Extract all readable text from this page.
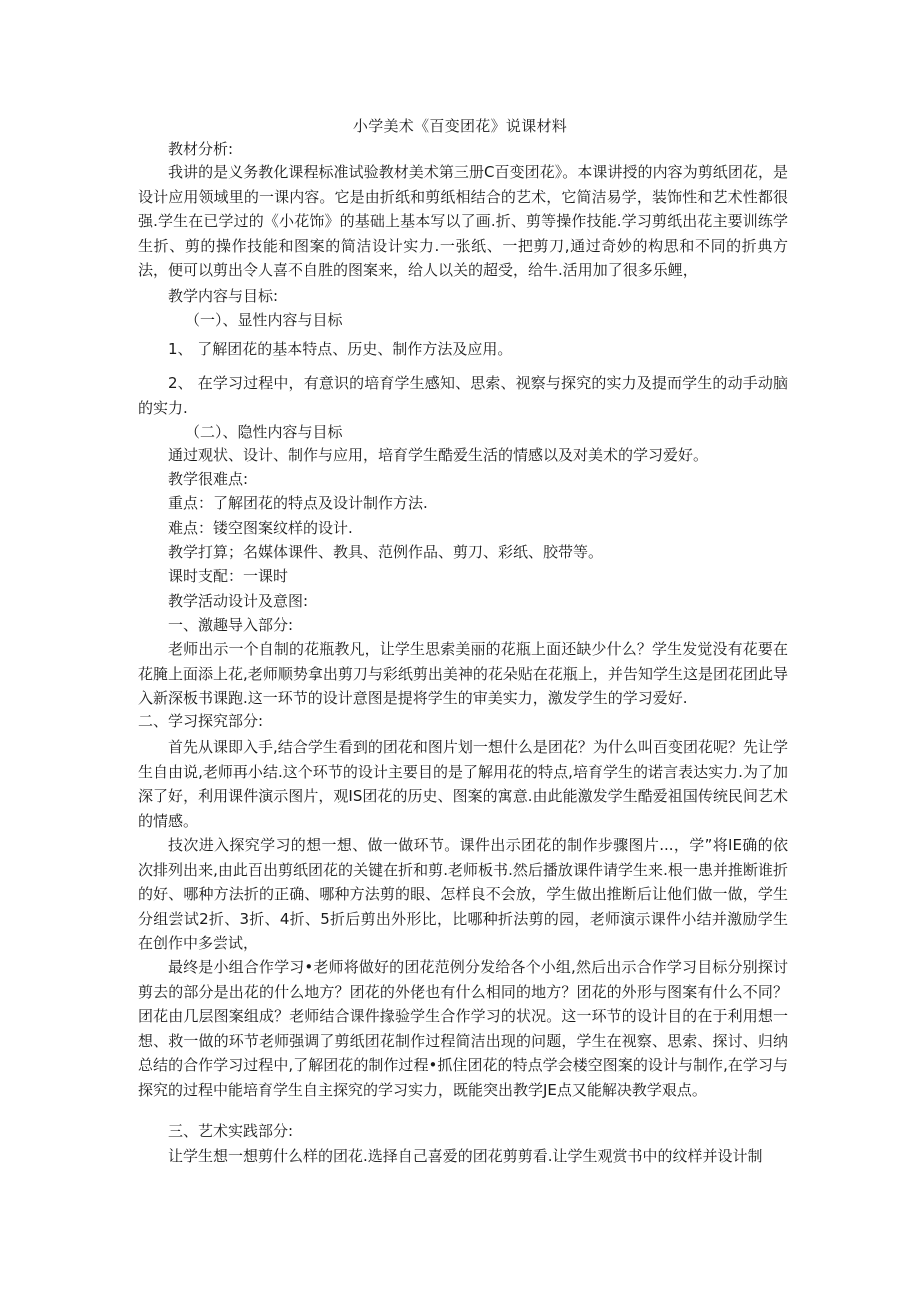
小学美术《百变团花》说课材料
教材分析:

我讲的是义务教化课程标准试验教材美术第三册C百变团花》。本课讲授的内容为剪纸团花，是设计应用领域里的一课内容。它是由折纸和剪纸相结合的艺术，它简洁易学，装饰性和艺术性都很强.学生在已学过的《小花饰》的基础上基本写以了画.折、剪等操作技能.学习剪纸出花主要训练学生折、剪的操作技能和图案的简洁设计实力.一张纸、一把剪刀,通过奇妙的构思和不同的折典方法，便可以剪出令人喜不自胜的图案来，给人以关的超受，给牛.活用加了很多乐鲤，

教学内容与目标:
（一）、显性内容与目标
1、 了解团花的基本特点、历史、制作方法及应用。

2、 在学习过程中，有意识的培育学生感知、思索、视察与探究的实力及提而学生的动手动脑的实力.

（二）、隐性内容与目标
通过观状、设计、制作与应用，培育学生酷爱生活的情感以及对美术的学习爱好。
教学很难点:
重点：了解团花的特点及设计制作方法.
难点：镂空图案纹样的设计.
教学打算；名媒体课件、教具、范例作品、剪刀、彩纸、胶带等。
课时支配：一课时
教学活动设计及意图:
一、激趣导入部分:

老师出示一个自制的花瓶教凡，让学生思索美丽的花瓶上面还缺少什么？学生发觉没有花要在花腌上面添上花,老师顺势拿出剪刀与彩纸剪出美神的花朵贴在花瓶上，并告知学生这是团花团此导入新深板书课跑.这一环节的设计意图是提将学生的审美实力，激发学生的学习爱好.

二、学习探究部分:

首先从课即入手,结合学生看到的团花和图片划一想什么是团花？为什么叫百变团花呢？先让学生自由说,老师再小结.这个环节的设计主要目的是了解用花的特点,培育学生的诺言表达实力.为了加深了好，利用课件演示图片，观IS团花的历史、图案的寓意.由此能激发学生酷爱祖国传统民间艺术的情感。

技次进入探究学习的想一想、做一做环节。课件出示团花的制作步骤图片...，学”将IE确的依次排列出来,由此百出剪纸团花的关键在折和剪.老师板书.然后播放课件请学生来.根一患并推断谁折的好、哪种方法折的正确、哪种方法剪的眼、怎样良不会放，学生做出推断后让他们做一做，学生分组尝试2折、3折、4折、5折后剪出外形比，比哪种折法剪的园，老师演示课件小结并激励学生在创作中多尝试，

最终是小组合作学习•老师将做好的团花范例分发给各个小组,然后出示合作学习目标分别探讨剪去的部分是出花的什么地方？团花的外佬也有什么相同的地方？团花的外形与图案有什么不同？团花由几层图案组成？老师结合课件掾验学生合作学习的状况。这一环节的设计目的在于利用想一想、救一做的环节老师强调了剪纸团花制作过程简洁出现的问题，学生在视察、思索、探讨、归纳总结的合作学习过程中,了解团花的制作过程•抓住团花的特点学会楼空图案的设计与制作,在学习与探究的过程中能培育学生自主探究的学习实力，既能突出教学JE点又能解决教学艰点。

三、艺术实践部分:

让学生想一想剪什么样的团花.选择自己喜爱的团花剪剪看.让学生观赏书中的纹样并设计制
